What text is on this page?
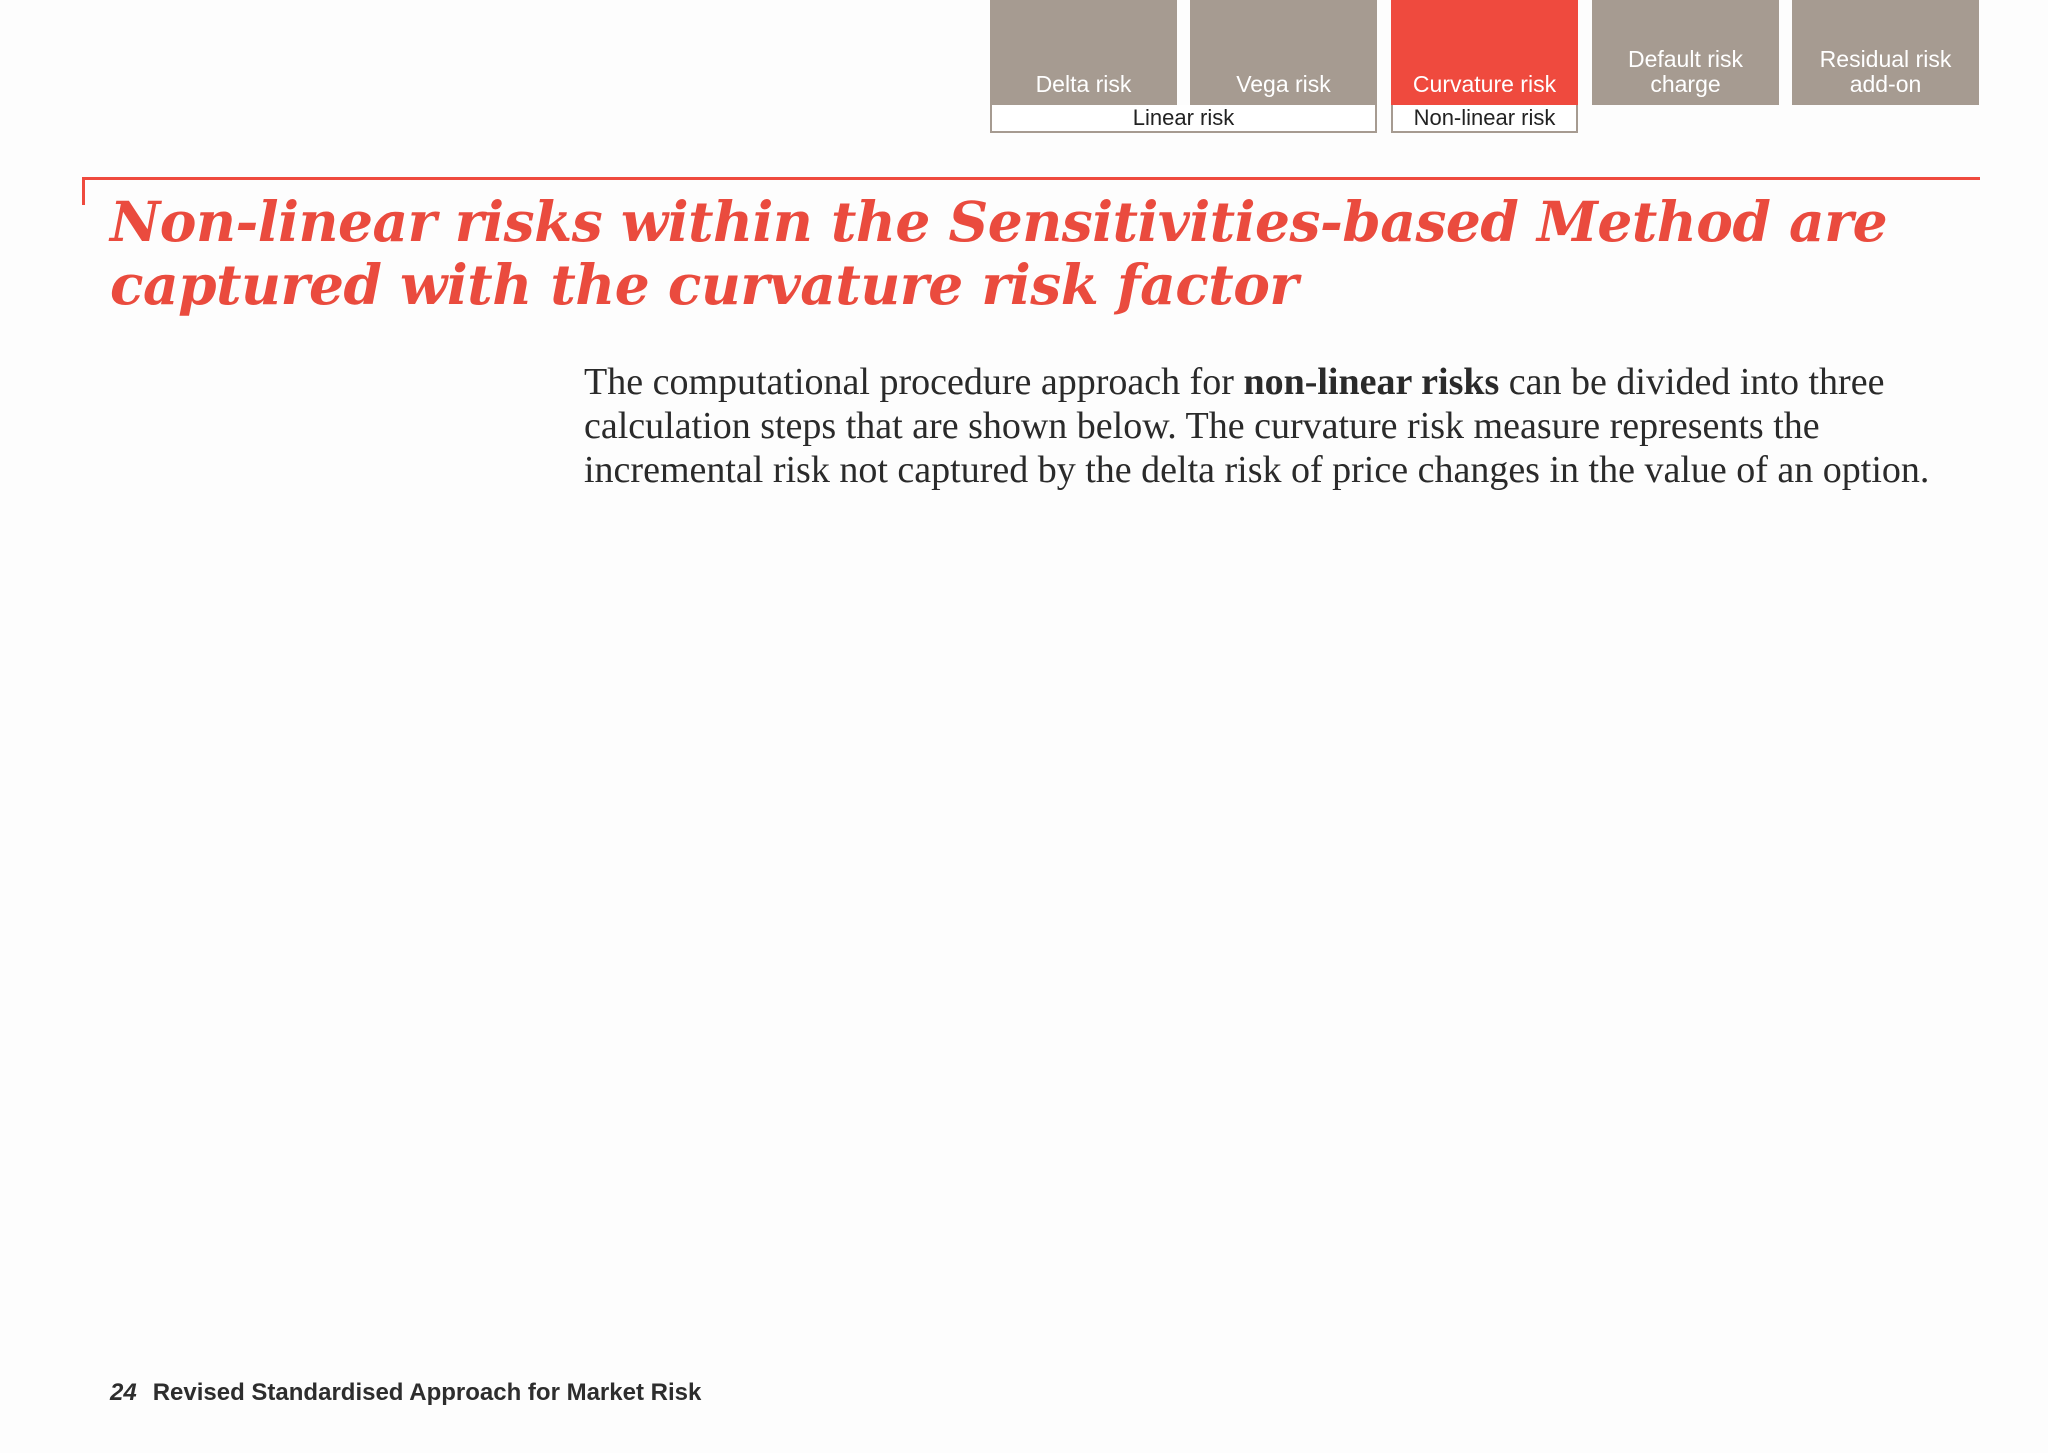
Delta risk	Vega risk	Curvature risk
Default risk
charge
Residual risk
add-on
Linear risk	Non-linear risk
Non-linear risks within the Sensitivities-based Method are captured with the curvature risk factor

The computational procedure approach for non-linear risks can be divided into three calculation steps that are shown below. The curvature risk measure represents the incremental risk not captured by the delta risk of price changes in the value of an option.

24 Revised Standardised Approach for Market Risk
